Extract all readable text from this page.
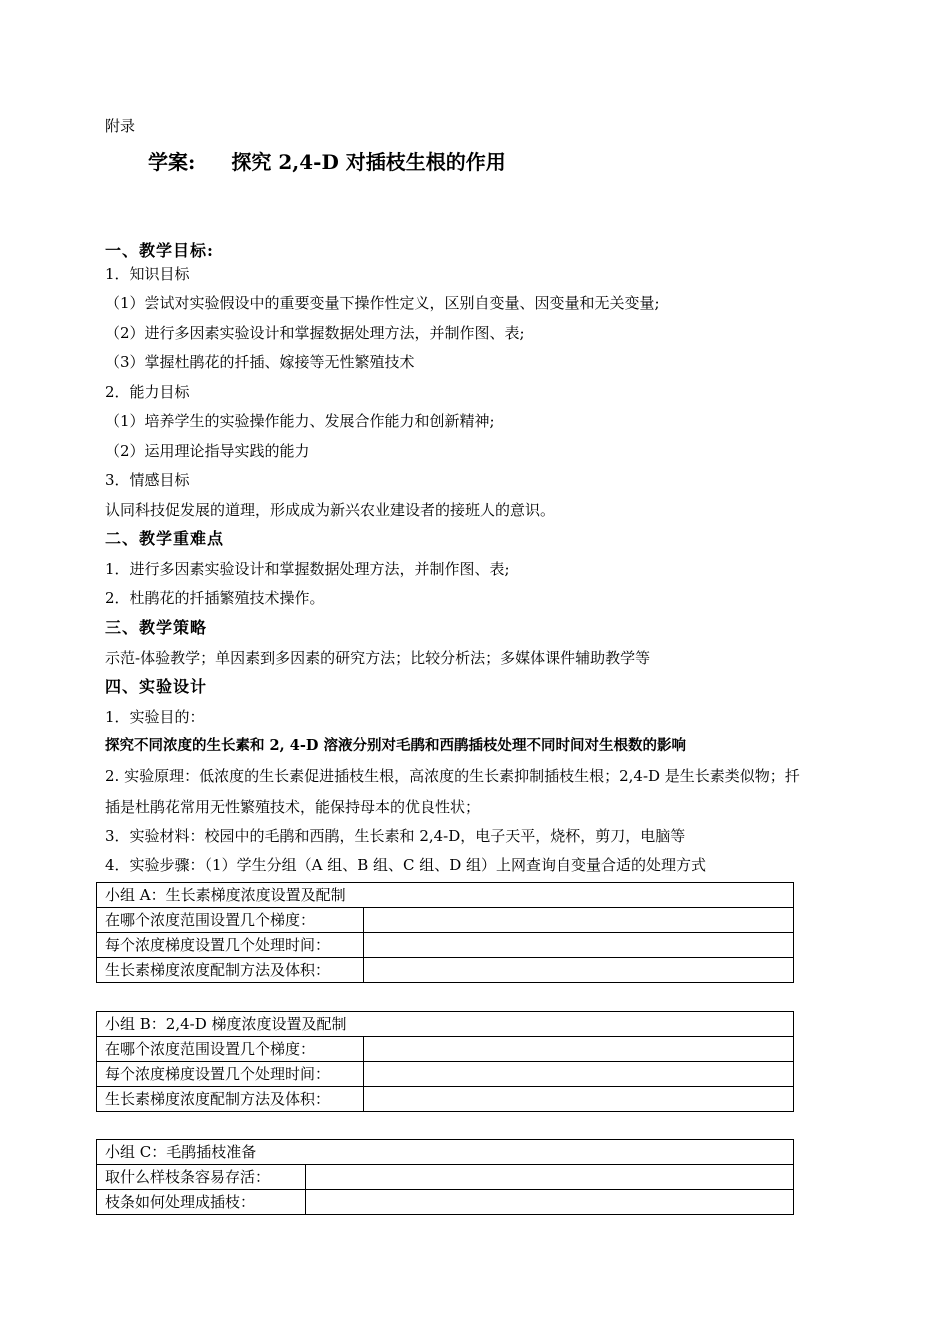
附录
学案: 探究 2,4-D 对插枝生根的作用
一、教学目标:
1．知识目标
（1）尝试对实验假设中的重要变量下操作性定义，区别自变量、因变量和无关变量;
（2）进行多因素实验设计和掌握数据处理方法，并制作图、表;
（3）掌握杜鹃花的扦插、嫁接等无性繁殖技术
2．能力目标
（1）培养学生的实验操作能力、发展合作能力和创新精神;
（2）运用理论指导实践的能力
3．情感目标
认同科技促发展的道理，形成成为新兴农业建设者的接班人的意识。
二、教学重难点
1．进行多因素实验设计和掌握数据处理方法，并制作图、表;
2．杜鹃花的扦插繁殖技术操作。
三、教学策略
示范-体验教学；单因素到多因素的研究方法；比较分析法；多媒体课件辅助教学等
四、实验设计
1．实验目的：
探究不同浓度的生长素和 2, 4-D 溶液分别对毛鹃和西鹃插枝处理不同时间对生根数的影响
2. 实验原理：低浓度的生长素促进插枝生根，高浓度的生长素抑制插枝生根；2,4-D 是生长素类似物；扦
插是杜鹃花常用无性繁殖技术，能保持母本的优良性状；
3．实验材料：校园中的毛鹃和西鹃，生长素和 2,4-D，电子天平，烧杯，剪刀，电脑等
4．实验步骤：（1）学生分组（A 组、B 组、C 组、D 组）上网查询自变量合适的处理方式
小组 A：生长素梯度浓度设置及配制	
在哪个浓度范围设置几个梯度：	
每个浓度梯度设置几个处理时间：	
生长素梯度浓度配制方法及体积：	
小组 B：2,4-D 梯度浓度设置及配制	
在哪个浓度范围设置几个梯度：	
每个浓度梯度设置几个处理时间：	
生长素梯度浓度配制方法及体积：	
小组 C：毛鹃插枝准备	
取什么样枝条容易存活：	
枝条如何处理成插枝：	
